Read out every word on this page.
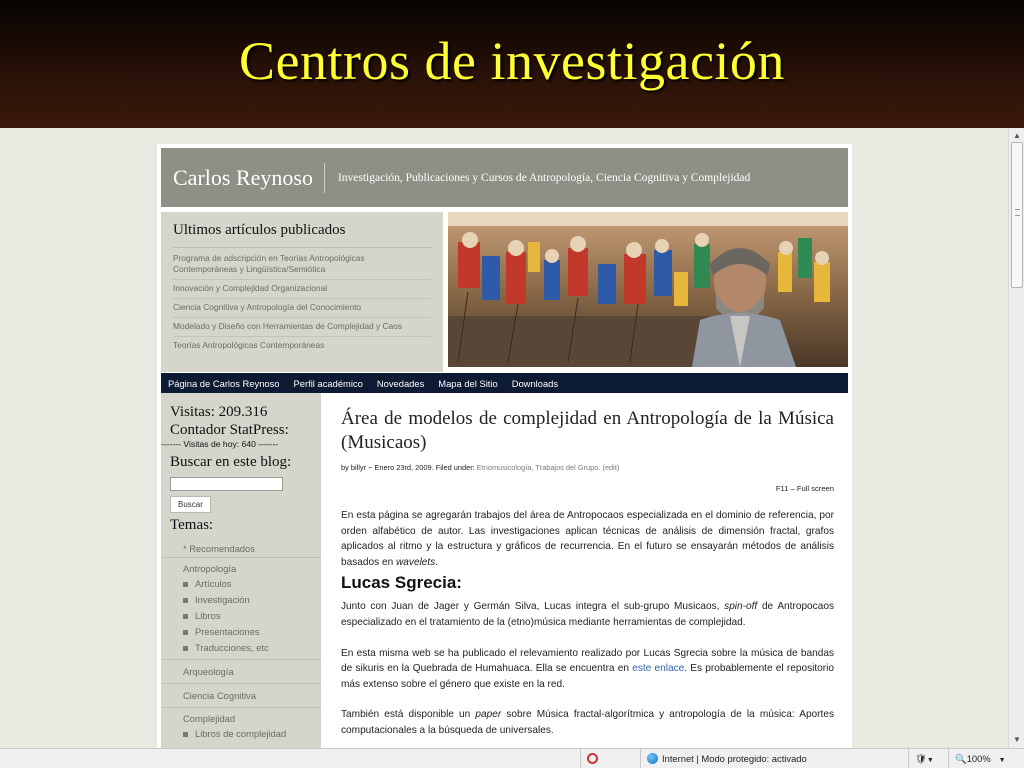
Centros de investigación
Carlos Reynoso	Investigación, Publicaciones y Cursos de Antropología, Ciencia Cognitiva y Complejidad
Ultimos artículos publicados
Programa de adscripción en Teorías Antropológicas Contemporáneas y Lingüística/Semiótica
Innovación y Complejidad Organizacional
Ciencia Cognitiva y Antropología del Conocimiento
Modelado y Diseño con Herramientas de Complejidad y Caos
Teorías Antropológicas Contemporáneas
Página de Carlos Reynoso Perfil académico Novedades Mapa del Sitio Downloads
Visitas: 209.316
Contador StatPress:
------- Visitas de hoy: 640 -------
Buscar en este blog:
Buscar
Temas:
* Recomendados
Antropología
Artículos
Investigación
Libros
Presentaciones
Traducciones, etc
Arqueología
Ciencia Cognitiva
Complejidad
Libros de complejidad
Área de modelos de complejidad en Antropología de la Música (Musicaos)
by billyr ~ Enero 23rd, 2009. Filed under: Etnomusicología, Trabajos del Grupo. (edit)
F11 – Full screen

En esta página se agregarán trabajos del área de Antropocaos especializada en el dominio de referencia, por orden alfabético de autor. Las investigaciones aplican técnicas de análisis de dimensión fractal, grafos aplicados al ritmo y la estructura y gráficos de recurrencia. En el futuro se ensayarán métodos de análisis basados en wavelets.

Lucas Sgrecia:

Junto con Juan de Jager y Germán Silva, Lucas integra el sub-grupo Musicaos, spin-off de Antropocaos especializado en el tratamiento de la (etno)música mediante herramientas de complejidad.

En esta misma web se ha publicado el relevamiento realizado por Lucas Sgrecia sobre la música de bandas de sikuris en la Quebrada de Humahuaca. Ella se encuentra en este enlace. Es probablemente el repositorio más extenso sobre el género que existe en la red.

También está disponible un paper sobre Música fractal-algorítmica y antropología de la música: Aportes computacionales a la búsqueda de universales.

▲
▼
Internet | Modo protegido: activado	🛡▼	🔍100% ▼
